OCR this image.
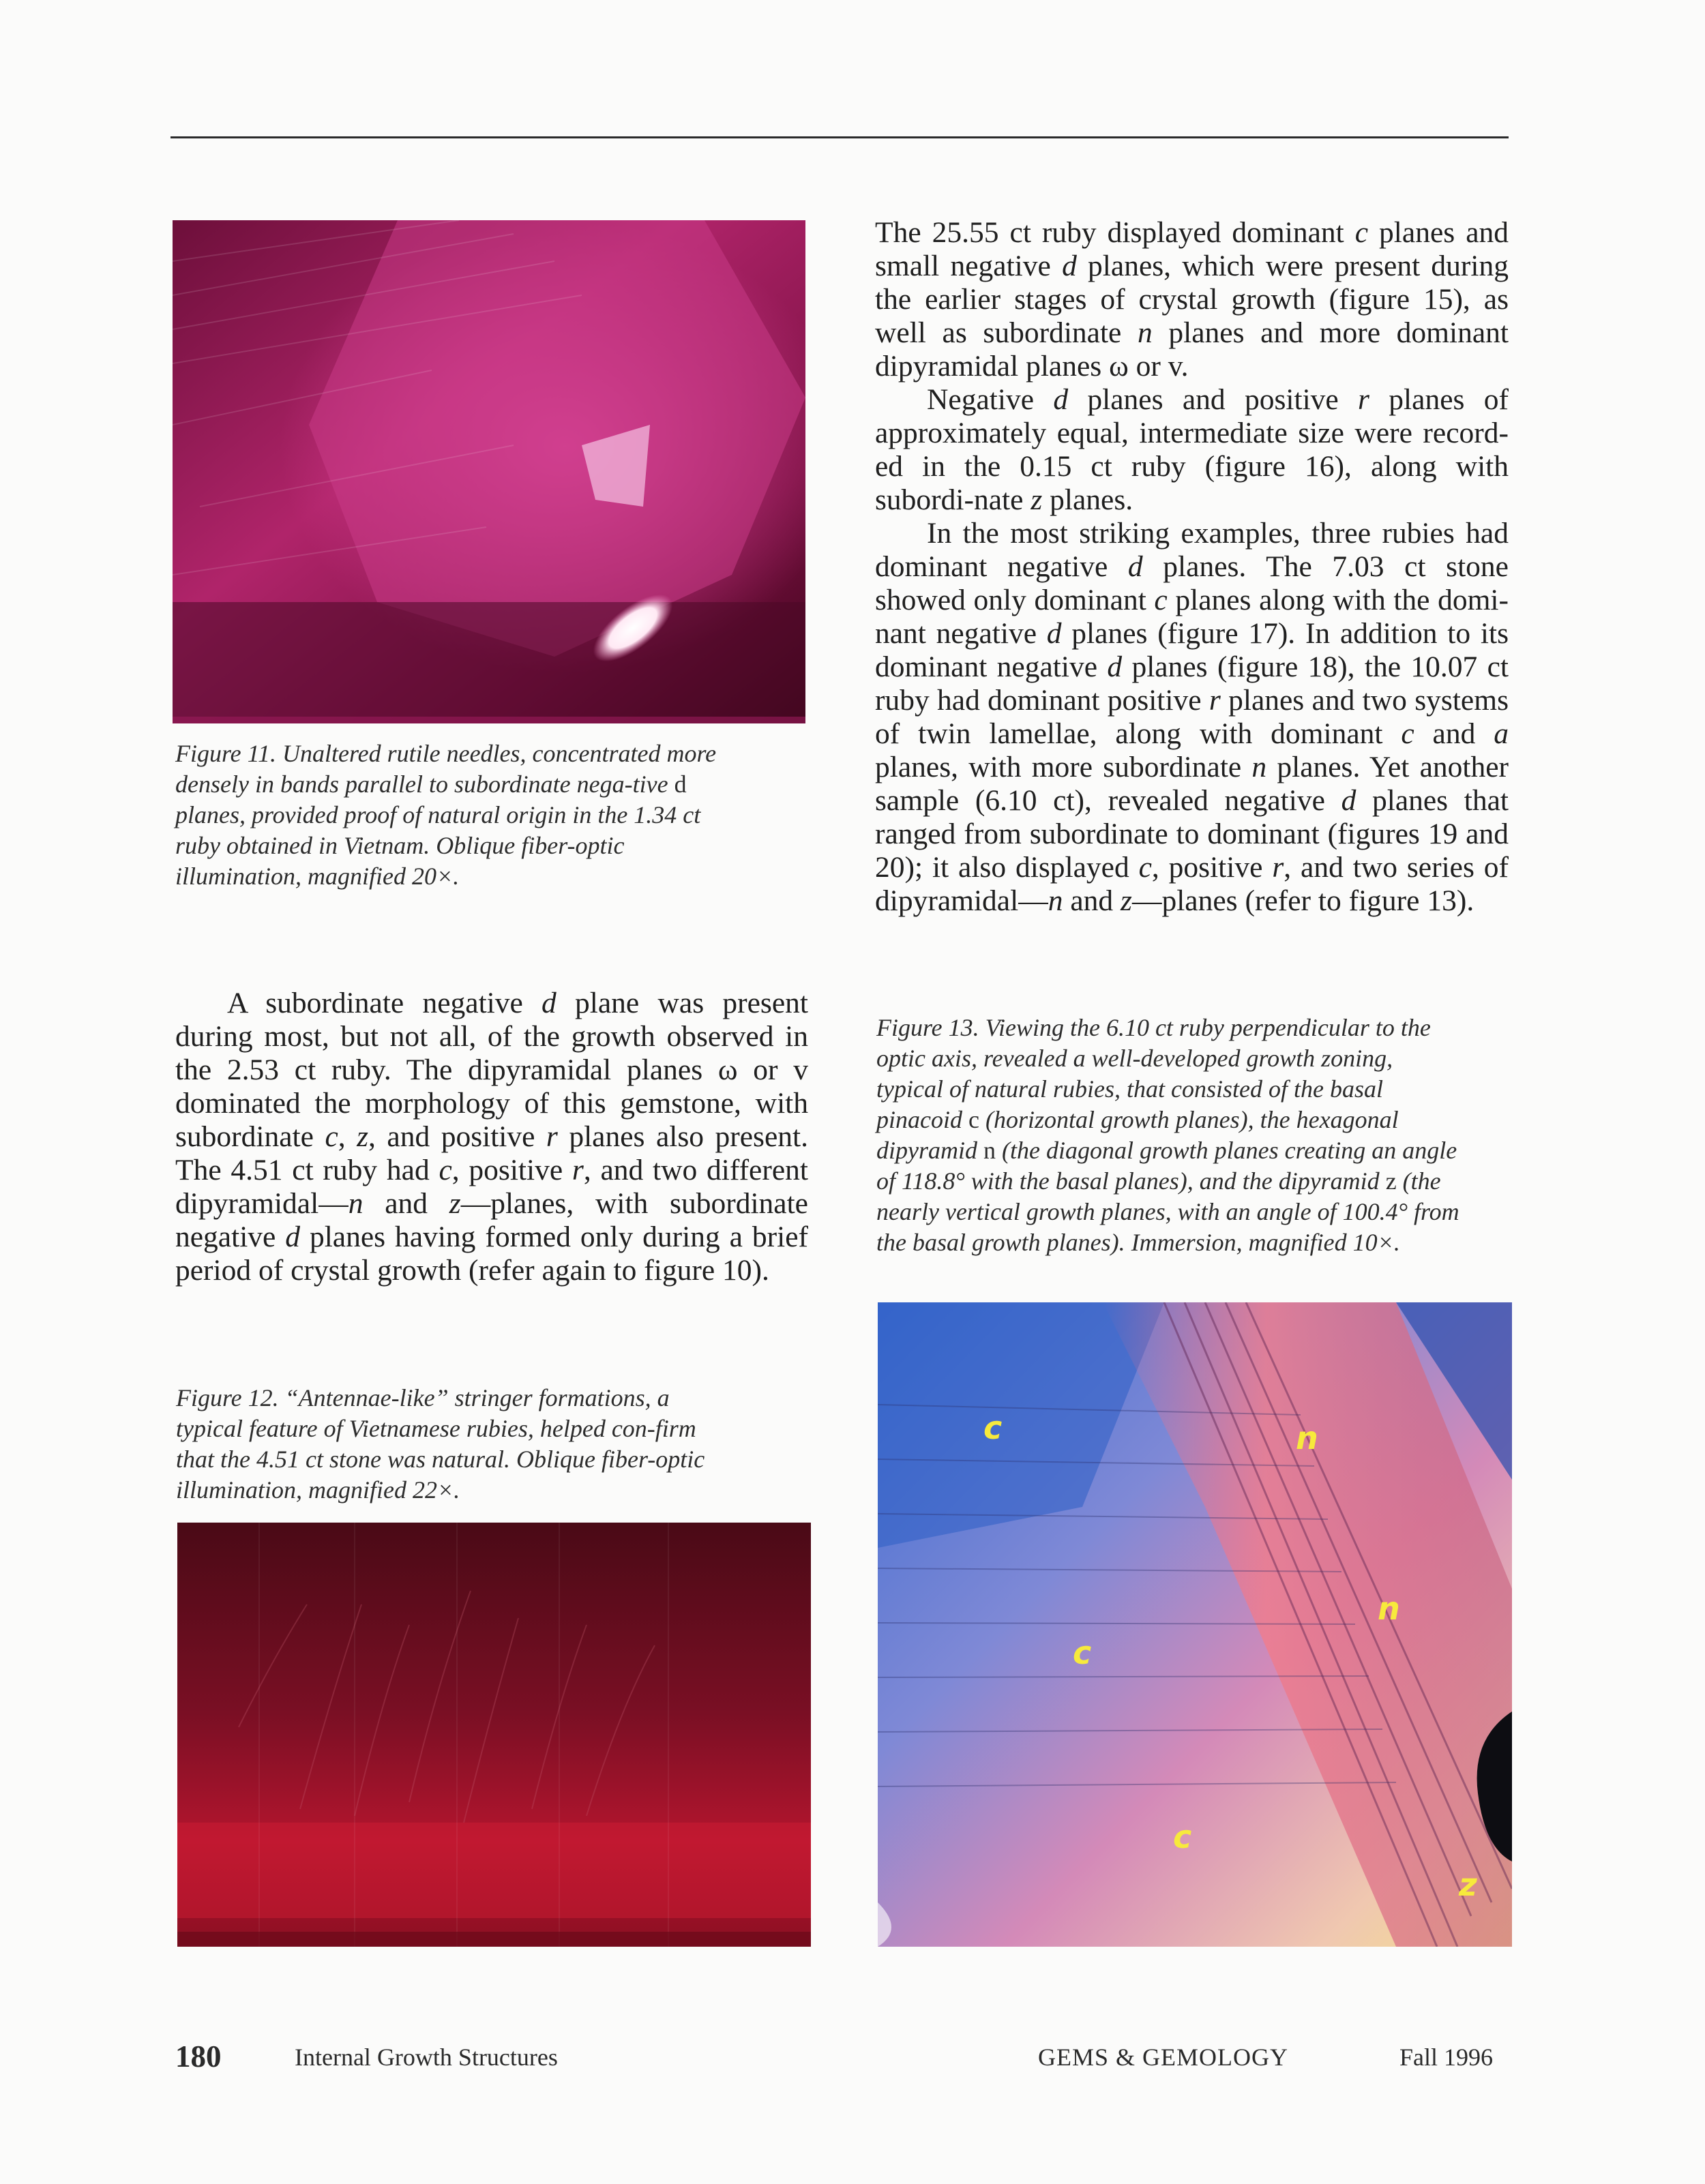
Figure 11. Unaltered rutile needles, concentrated more densely in bands parallel to subordinate nega-tive d planes, provided proof of natural origin in the 1.34 ct ruby obtained in Vietnam. Oblique fiber-optic illumination, magnified 20×.

The 25.55 ct ruby displayed dominant c planes and small negative d planes, which were present during the earlier stages of crystal growth (figure 15), as well as subordinate n planes and more dominant dipyramidal planes ω or v.

Negative d planes and positive r planes of approximately equal, intermediate size were record-ed in the 0.15 ct ruby (figure 16), along with subordi-nate z planes.

In the most striking examples, three rubies had dominant negative d planes. The 7.03 ct stone showed only dominant c planes along with the domi-nant negative d planes (figure 17). In addition to its dominant negative d planes (figure 18), the 10.07 ct ruby had dominant positive r planes and two systems of twin lamellae, along with dominant c and a planes, with more subordinate n planes. Yet another sample (6.10 ct), revealed negative d planes that ranged from subordinate to dominant (figures 19 and 20); it also displayed c, positive r, and two series of dipyramidal—n and z—planes (refer to figure 13).

A subordinate negative d plane was present during most, but not all, of the growth observed in the 2.53 ct ruby. The dipyramidal planes ω or v dominated the morphology of this gemstone, with subordinate c, z, and positive r planes also present. The 4.51 ct ruby had c, positive r, and two different dipyramidal—n and z—planes, with subordinate negative d planes having formed only during a brief period of crystal growth (refer again to figure 10).

Figure 13. Viewing the 6.10 ct ruby perpendicular to the optic axis, revealed a well-developed growth zoning, typical of natural rubies, that consisted of the basal pinacoid c (horizontal growth planes), the hexagonal dipyramid n (the diagonal growth planes creating an angle of 118.8° with the basal planes), and the dipyramid z (the nearly vertical growth planes, with an angle of 100.4° from the basal growth planes). Immersion, magnified 10×.

c	n
n
c
c
z

Figure 12. “Antennae-like” stringer formations, a typical feature of Vietnamese rubies, helped con-firm that the 4.51 ct stone was natural. Oblique fiber-optic illumination, magnified 22×.

180	Internal Growth Structures	GEMS & GEMOLOGY	Fall 1996
